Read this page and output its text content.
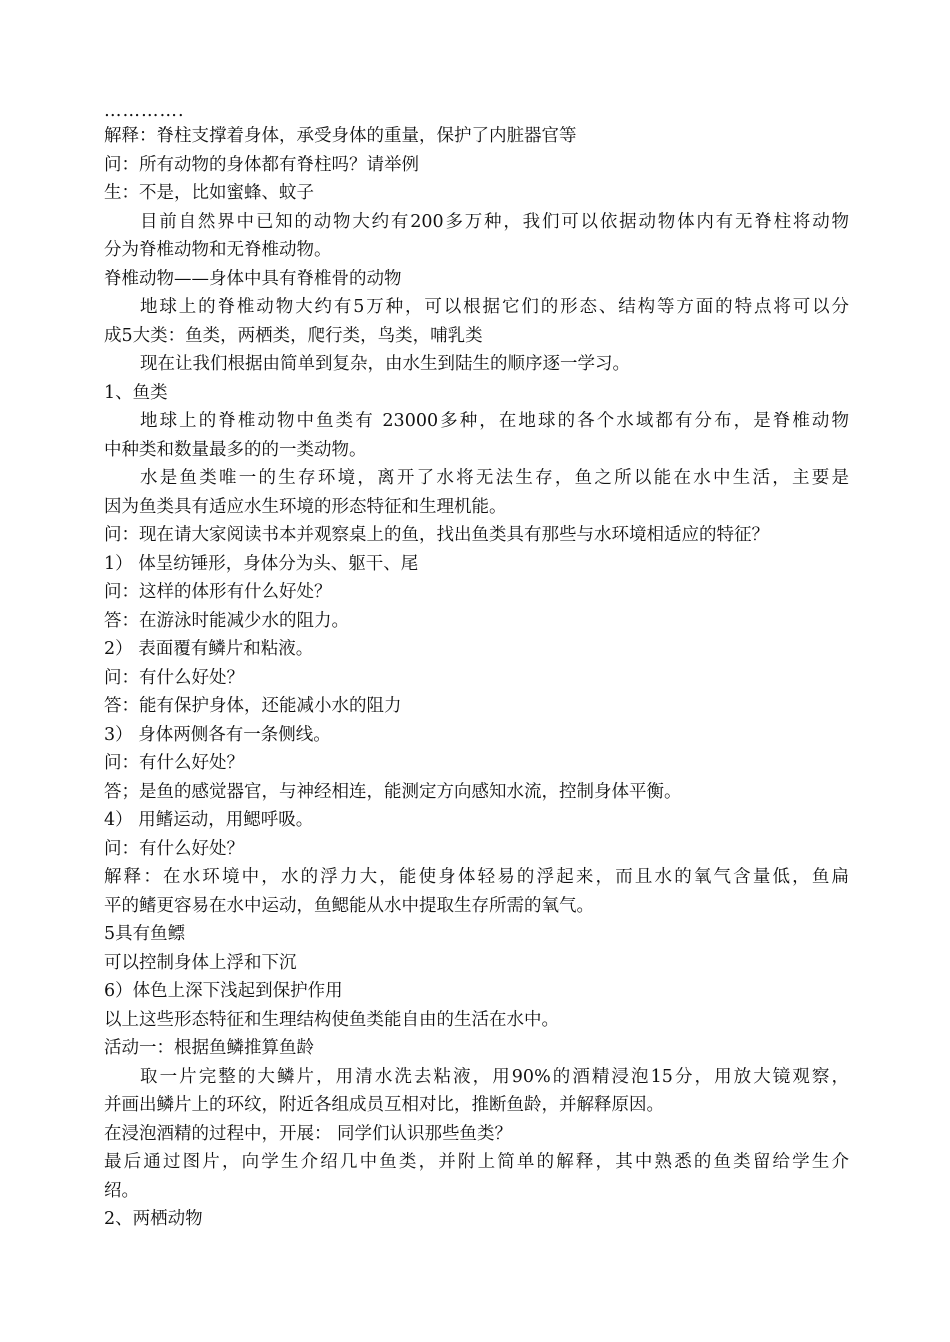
………….
解释：脊柱支撑着身体，承受身体的重量，保护了内脏器官等
问：所有动物的身体都有脊柱吗？请举例
生：不是，比如蜜蜂、蚊子
目前自然界中已知的动物大约有200多万种，我们可以依据动物体内有无脊柱将动物
分为脊椎动物和无脊椎动物。
脊椎动物——身体中具有脊椎骨的动物
地球上的脊椎动物大约有5万种，可以根据它们的形态、结构等方面的特点将可以分
成5大类：鱼类，两栖类，爬行类，鸟类，哺乳类
现在让我们根据由简单到复杂，由水生到陆生的顺序逐一学习。
1、鱼类
地球上的脊椎动物中鱼类有 23000多种，在地球的各个水域都有分布，是脊椎动物
中种类和数量最多的的一类动物。
水是鱼类唯一的生存环境，离开了水将无法生存，鱼之所以能在水中生活，主要是
因为鱼类具有适应水生环境的形态特征和生理机能。
问：现在请大家阅读书本并观察桌上的鱼，找出鱼类具有那些与水环境相适应的特征？
1） 体呈纺锤形，身体分为头、躯干、尾
问：这样的体形有什么好处？
答：在游泳时能减少水的阻力。
2） 表面覆有鳞片和粘液。
问：有什么好处？
答：能有保护身体，还能减小水的阻力
3） 身体两侧各有一条侧线。
问：有什么好处？
答；是鱼的感觉器官，与神经相连，能测定方向感知水流，控制身体平衡。
4） 用鳍运动，用鳃呼吸。
问：有什么好处？
解释：在水环境中，水的浮力大，能使身体轻易的浮起来，而且水的氧气含量低，鱼扁
平的鳍更容易在水中运动，鱼鳃能从水中提取生存所需的氧气。
5具有鱼鳔
可以控制身体上浮和下沉
6）体色上深下浅起到保护作用
以上这些形态特征和生理结构使鱼类能自由的生活在水中。
活动一：根据鱼鳞推算鱼龄
取一片完整的大鳞片，用清水洗去粘液，用90%的酒精浸泡15分，用放大镜观察，
并画出鳞片上的环纹，附近各组成员互相对比，推断鱼龄，并解释原因。
在浸泡酒精的过程中，开展： 同学们认识那些鱼类？
最后通过图片，向学生介绍几中鱼类，并附上简单的解释，其中熟悉的鱼类留给学生介
绍。
2、两栖动物
